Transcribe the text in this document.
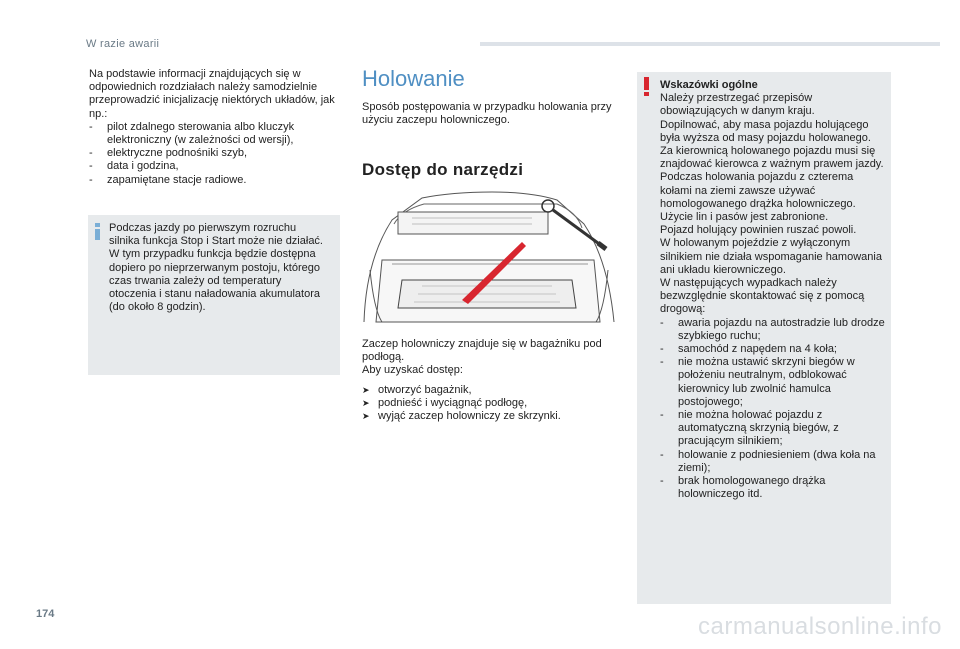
W razie awarii

Na podstawie informacji znajdujących się w odpowiednich rozdziałach należy samodzielnie przeprowadzić inicjalizację niektórych układów, jak np.:

- pilot zdalnego sterowania albo kluczyk elektroniczny (w zależności od wersji),
- elektryczne podnośniki szyb,
- data i godzina,
- zapamiętane stacje radiowe.
Podczas jazdy po pierwszym rozruchu silnika funkcja Stop i Start może nie działać.
W tym przypadku funkcja będzie dostępna dopiero po nieprzerwanym postoju, którego czas trwania zależy od temperatury otoczenia i stanu naładowania akumulatora (do około 8 godzin).
Holowanie
Sposób postępowania w przypadku holowania przy użyciu zaczepu holowniczego.
Dostęp do narzędzi

Zaczep holowniczy znajduje się w bagażniku pod podłogą.

Aby uzyskać dostęp:

➤ otworzyć bagażnik,
➤ podnieść i wyciągnąć podłogę,
➤ wyjąć zaczep holowniczy ze skrzynki.

Wskazówki ogólne

Należy przestrzegać przepisów obowiązujących w danym kraju.

Dopilnować, aby masa pojazdu holującego była wyższa od masy pojazdu holowanego.

Za kierownicą holowanego pojazdu musi się znajdować kierowca z ważnym prawem jazdy.

Podczas holowania pojazdu z czterema kołami na ziemi zawsze używać homologowanego drążka holowniczego.

Użycie lin i pasów jest zabronione.

Pojazd holujący powinien ruszać powoli.

W holowanym pojeździe z wyłączonym silnikiem nie działa wspomaganie hamowania ani układu kierowniczego.

W następujących wypadkach należy bezwzględnie skontaktować się z pomocą drogową:

- awaria pojazdu na autostradzie lub drodze szybkiego ruchu;
- samochód z napędem na 4 koła;
- nie można ustawić skrzyni biegów w położeniu neutralnym, odblokować kierownicy lub zwolnić hamulca postojowego;
- nie można holować pojazdu z automatyczną skrzynią biegów, z pracującym silnikiem;
- holowanie z podniesieniem (dwa koła na ziemi);
- brak homologowanego drążka holowniczego itd.
174	carmanualsonline.info
